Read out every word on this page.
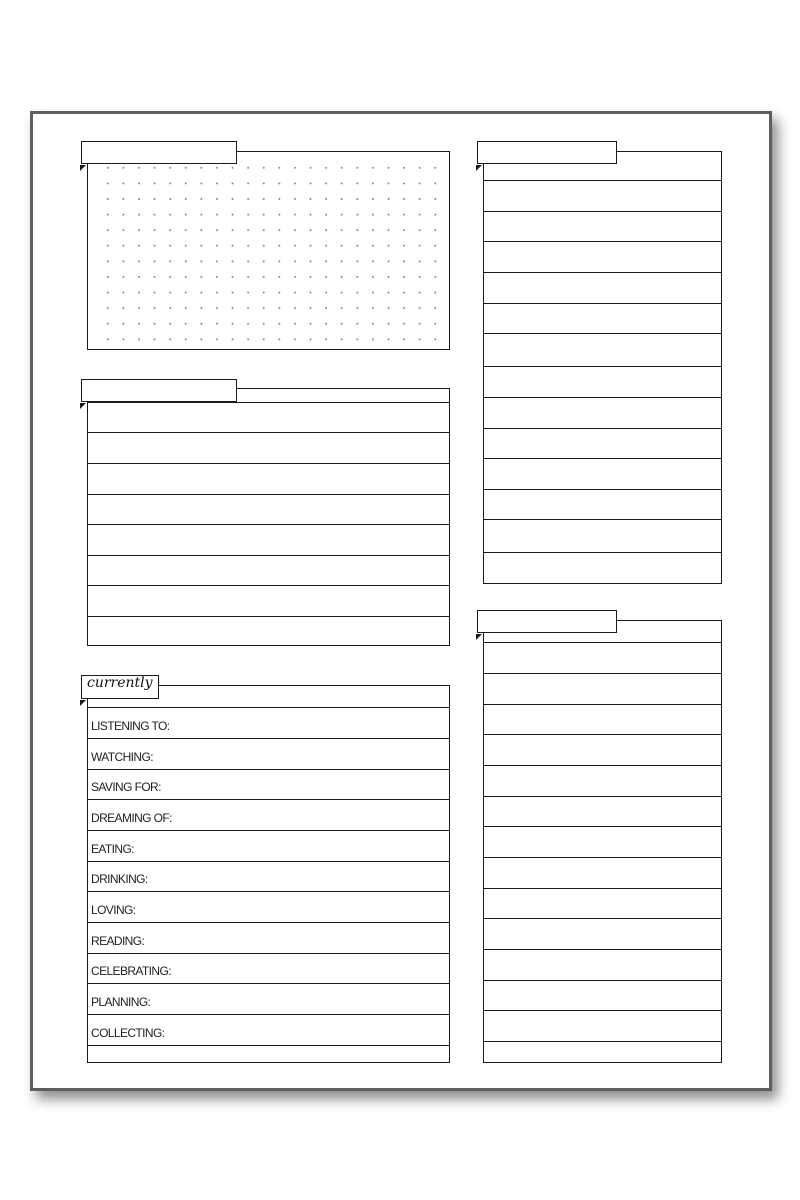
LISTENING TO:
WATCHING:
SAVING FOR:
DREAMING OF:
EATING:
DRINKING:
LOVING:
READING:
CELEBRATING:
PLANNING:
COLLECTING:
currently
